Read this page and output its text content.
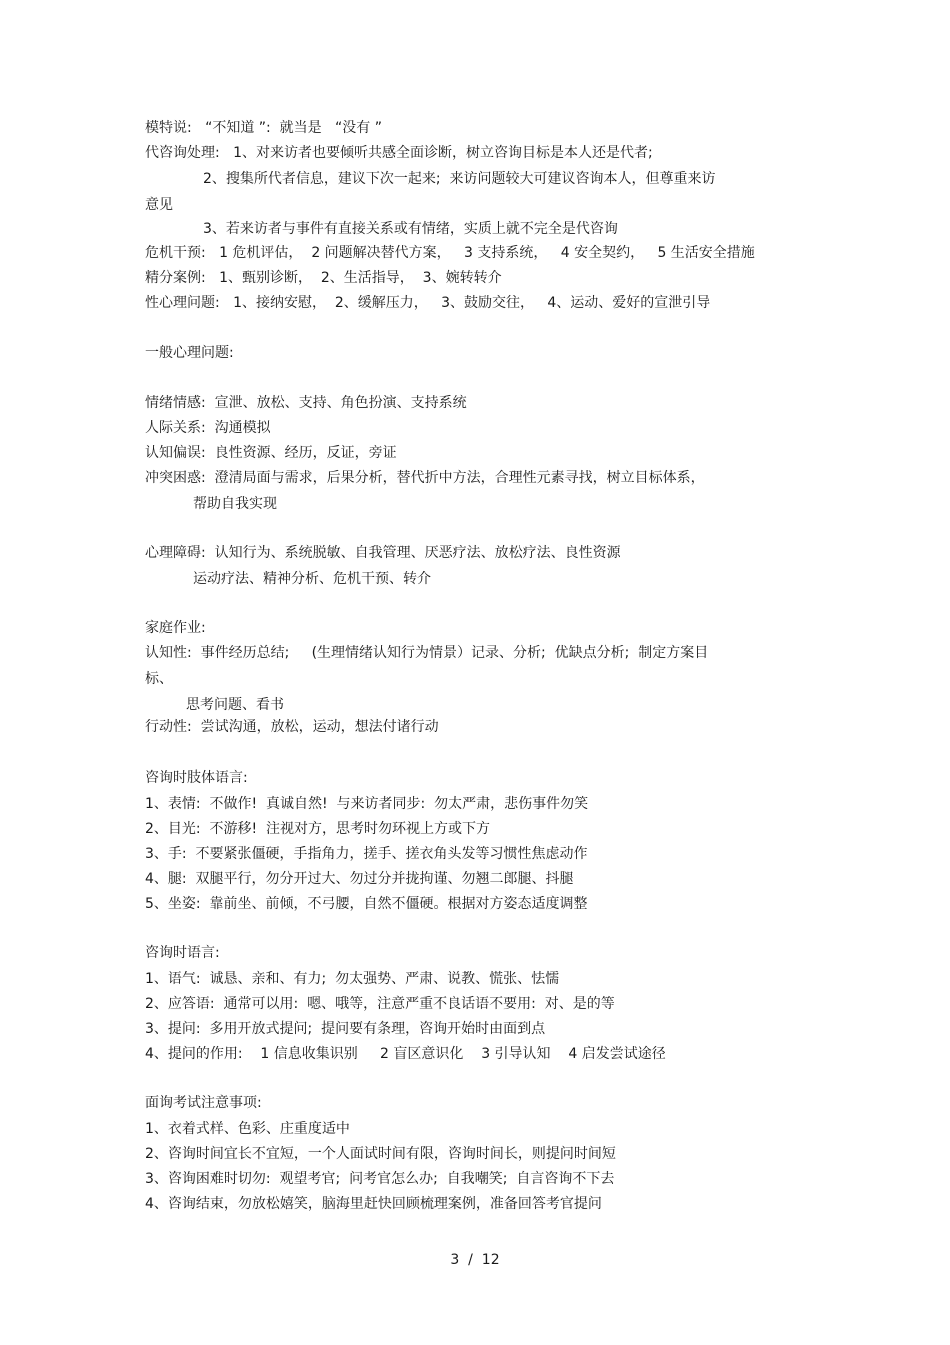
模特说:   “不知道 ”:  就当是   “没有 ”
代咨询处理:   1、对来访者也要倾听共感全面诊断，树立咨询目标是本人还是代者;
2、搜集所代者信息，建议下次一起来;  来访问题较大可建议咨询本人，但尊重来访
意见
3、若来访者与事件有直接关系或有情绪，实质上就不完全是代咨询
危机干预:   1 危机评估，  2 问题解决替代方案，   3 支持系统，   4 安全契约，   5 生活安全措施
精分案例:   1、甄别诊断，  2、生活指导，  3、婉转转介
性心理问题:   1、接纳安慰，  2、缓解压力，   3、鼓励交往，   4、运动、爱好的宣泄引导
一般心理问题:
情绪情感:  宣泄、放松、支持、角色扮演、支持系统
人际关系:  沟通模拟
认知偏误:  良性资源、经历，反证，旁证
冲突困惑:  澄清局面与需求，后果分析，替代折中方法，合理性元素寻找，树立目标体系，
帮助自我实现
心理障碍:  认知行为、系统脱敏、自我管理、厌恶疗法、放松疗法、良性资源
运动疗法、精神分析、危机干预、转介
家庭作业:
认知性:  事件经历总结;     (生理情绪认知行为情景）记录、分析;  优缺点分析;  制定方案目
标、
思考问题、看书
行动性:  尝试沟通，放松，运动，想法付诸行动
咨询时肢体语言:
1、表情:  不做作!  真诚自然!  与来访者同步:  勿太严肃，悲伤事件勿笑
2、目光:  不游移!  注视对方，思考时勿环视上方或下方
3、手:  不要紧张僵硬，手指角力，搓手、搓衣角头发等习惯性焦虑动作
4、腿:  双腿平行，勿分开过大、勿过分并拢拘谨、勿翘二郎腿、抖腿
5、坐姿:  靠前坐、前倾，不弓腰，自然不僵硬。根据对方姿态适度调整
咨询时语言:
1、语气:  诚恳、亲和、有力;  勿太强势、严肃、说教、慌张、怯懦
2、应答语:  通常可以用:  嗯、哦等，注意严重不良话语不要用:  对、是的等
3、提问:  多用开放式提问;  提问要有条理，咨询开始时由面到点
4、提问的作用:    1 信息收集识别     2 盲区意识化    3 引导认知    4 启发尝试途径
面询考试注意事项:
1、衣着式样、色彩、庄重度适中
2、咨询时间宜长不宜短，一个人面试时间有限，咨询时间长，则提问时间短
3、咨询困难时切勿:  观望考官;  问考官怎么办;  自我嘲笑;  自言咨询不下去
4、咨询结束，勿放松嬉笑，脑海里赶快回顾梳理案例，准备回答考官提问
3  /  12
